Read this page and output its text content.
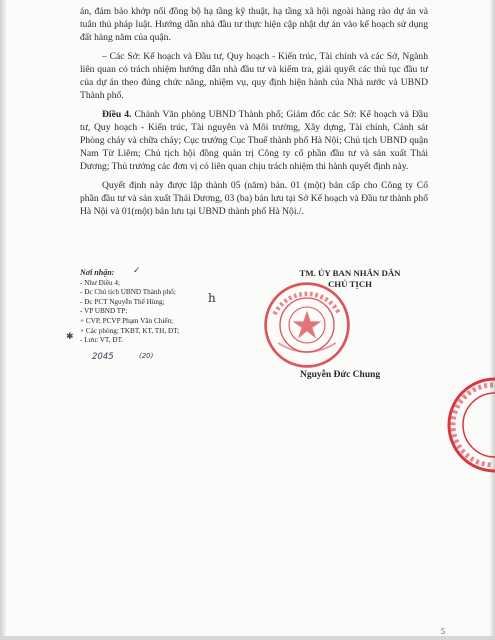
án, đảm bảo khớp nối đồng bộ hạ tầng kỹ thuật, hạ tầng xã hội ngoài hàng rào dự án và tuân thủ pháp luật. Hướng dẫn nhà đầu tư thực hiện cập nhật dự án vào kế hoạch sử dụng đất hàng năm của quận.

– Các Sở: Kế hoạch và Đầu tư, Quy hoạch - Kiến trúc, Tài chính và các Sở, Ngành liên quan có trách nhiệm hướng dẫn nhà đầu tư và kiểm tra, giải quyết các thủ tục đầu tư của dự án theo đúng chức năng, nhiệm vụ, quy định hiện hành của Nhà nước và UBND Thành phố.

Điều 4. Chánh Văn phòng UBND Thành phố; Giám đốc các Sở: Kế hoạch và Đầu tư, Quy hoạch - Kiến trúc, Tài nguyên và Môi trường, Xây dựng, Tài chính, Cảnh sát Phòng cháy và chữa cháy; Cục trưởng Cục Thuế thành phố Hà Nội; Chủ tịch UBND quận Nam Từ Liêm; Chủ tịch hội đồng quản trị Công ty cổ phần đầu tư và sản xuất Thái Dương; Thủ trưởng các đơn vị có liên quan chịu trách nhiệm thi hành quyết định này.

Quyết định này được lập thành 05 (năm) bản. 01 (một) bản cấp cho Công ty Cổ phần đầu tư và sản xuất Thái Dương, 03 (ba) bản lưu tại Sở Kế hoạch và Đầu tư thành phố Hà Nội và 01(một) bản lưu tại UBND thành phố Hà Nội./.

Nơi nhận:
- Như Điều 4;
- Đc Chủ tịch UBND Thành phố;
- Đc PCT Nguyễn Thế Hùng;
- VP UBND TP:
+ CVP, PCVP Phạm Văn Chiến;
+ Các phòng: TKBT, KT, TH, ĐT;
- Lưu: VT, ĐT.
2045	(20)
h
✱
✓	TM. ỦY BAN NHÂN DÂN
CHỦ TỊCH
Nguyễn Đức Chung
5
